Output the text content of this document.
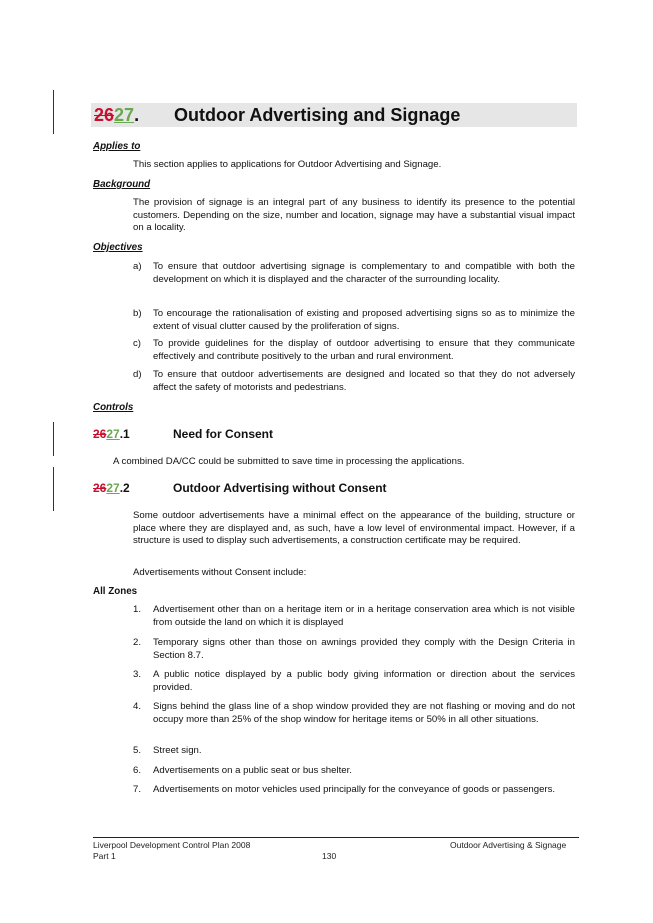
2627.	Outdoor Advertising and Signage
Applies to
This section applies to applications for Outdoor Advertising and Signage.
Background
The provision of signage is an integral part of any business to identify its presence to the potential customers. Depending on the size, number and location, signage may have a substantial visual impact on a locality.
Objectives
a)	To ensure that outdoor advertising signage is complementary to and compatible with both the development on which it is displayed and the character of the surrounding locality.
b)	To encourage the rationalisation of existing and proposed advertising signs so as to minimize the extent of visual clutter caused by the proliferation of signs.
c)	To provide guidelines for the display of outdoor advertising to ensure that they communicate effectively and contribute positively to the urban and rural environment.
d)	To ensure that outdoor advertisements are designed and located so that they do not adversely affect the safety of motorists and pedestrians.
Controls
2627.1	Need for Consent
A combined DA/CC could be submitted to save time in processing the applications.
2627.2	Outdoor Advertising without Consent
Some outdoor advertisements have a minimal effect on the appearance of the building, structure or place where they are displayed and, as such, have a low level of environmental impact. However, if a structure is used to display such advertisements, a construction certificate may be required.
Advertisements without Consent include:
All Zones
1.	Advertisement other than on a heritage item or in a heritage conservation area which is not visible from outside the land on which it is displayed
2.	Temporary signs other than those on awnings provided they comply with the Design Criteria in Section 8.7.
3.	A public notice displayed by a public body giving information or direction about the services provided.
4.	Signs behind the glass line of a shop window provided they are not flashing or moving and do not occupy more than 25% of the shop window for heritage items or 50% in all other situations.
5.	Street sign.
6.	Advertisements on a public seat or bus shelter.
7.	Advertisements on motor vehicles used principally for the conveyance of goods or passengers.
Liverpool Development Control Plan 2008
Part 1	130
Outdoor Advertising & Signage
